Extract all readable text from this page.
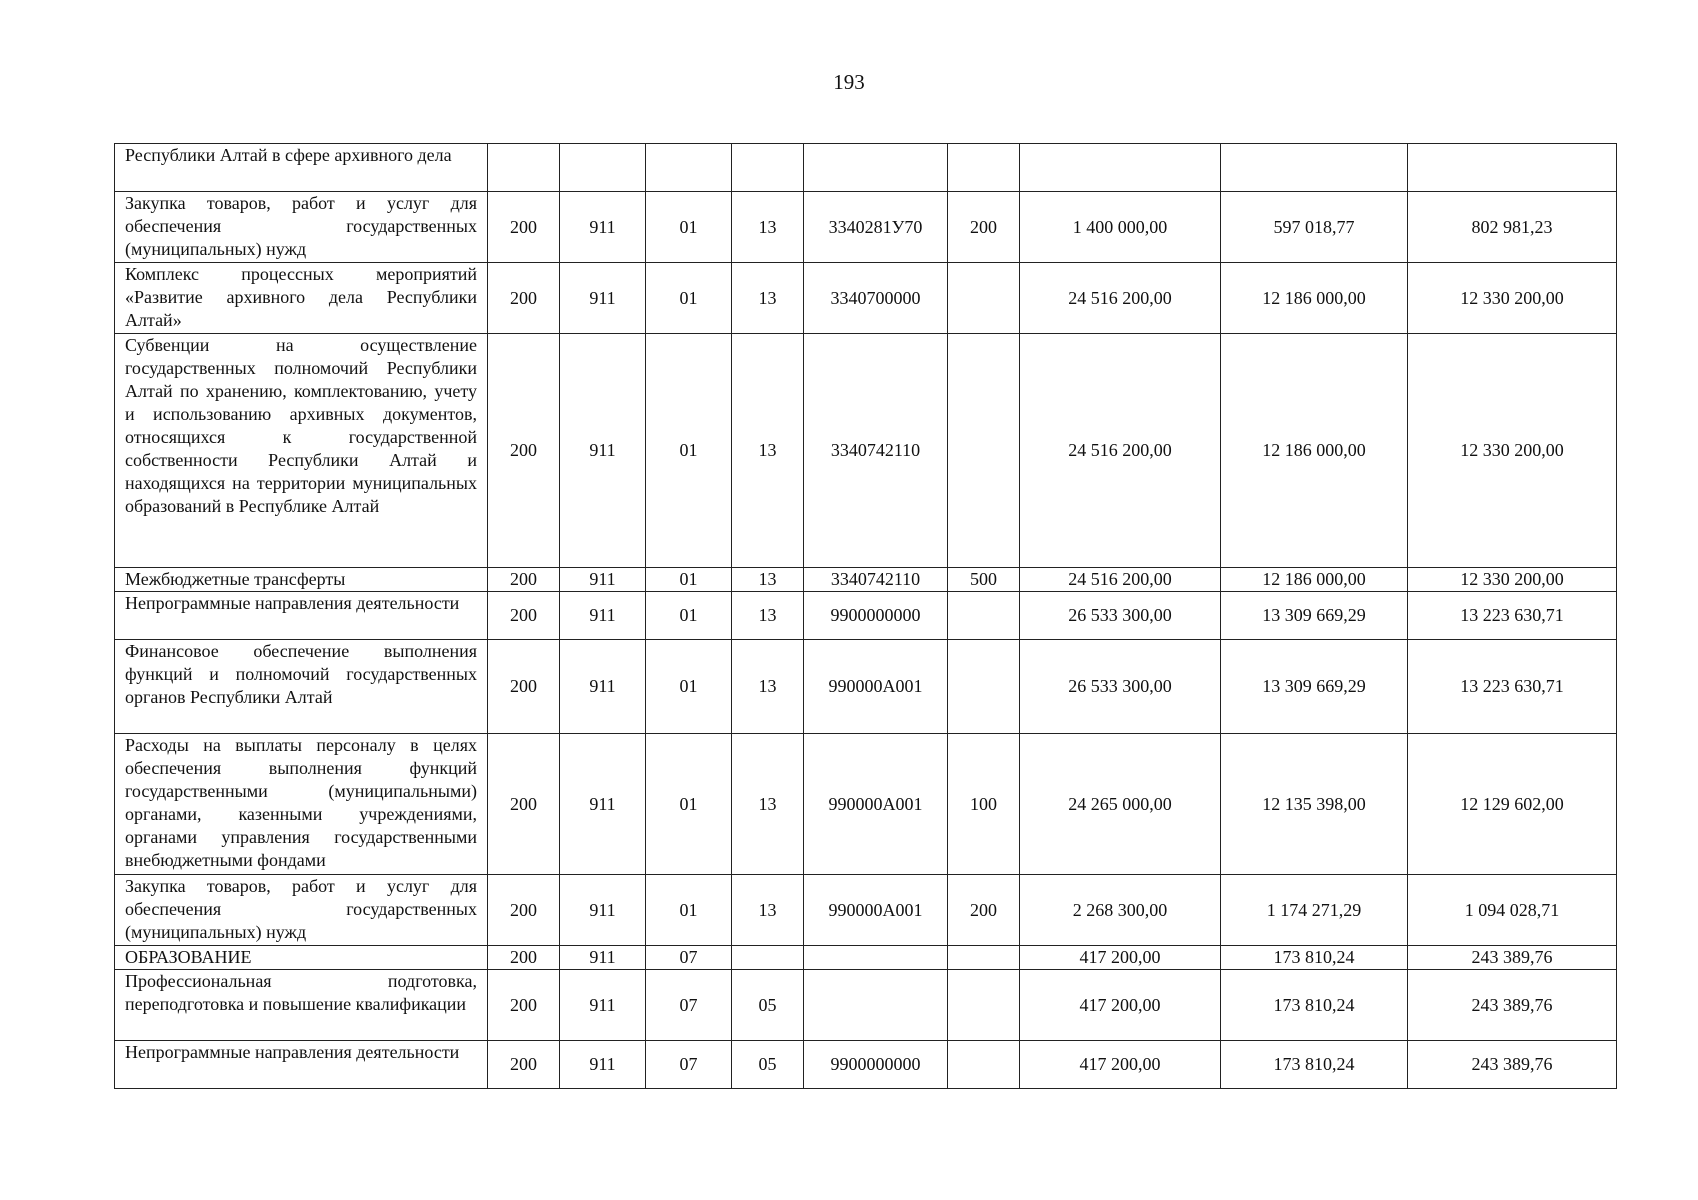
193
Республики Алтай в сфере архивного дела									
Закупка товаров, работ и услуг для обеспечения государственных (муниципальных) нужд	200	911	01	13	3340281У70	200	1 400 000,00	597 018,77	802 981,23
Комплекс процессных мероприятий «Развитие архивного дела Республики Алтай»	200	911	01	13	3340700000		24 516 200,00	12 186 000,00	12 330 200,00
Субвенции на осуществление государственных полномочий Республики Алтай по хранению, комплектованию, учету и использованию архивных документов, относящихся к государственной собственности Республики Алтай и находящихся на территории муниципальных образований в Республике Алтай	200	911	01	13	3340742110		24 516 200,00	12 186 000,00	12 330 200,00
Межбюджетные трансферты	200	911	01	13	3340742110	500	24 516 200,00	12 186 000,00	12 330 200,00
Непрограммные направления деятельности	200	911	01	13	9900000000		26 533 300,00	13 309 669,29	13 223 630,71
Финансовое обеспечение выполнения функций и полномочий государственных органов Республики Алтай	200	911	01	13	990000А001		26 533 300,00	13 309 669,29	13 223 630,71
Расходы на выплаты персоналу в целях обеспечения выполнения функций государственными (муниципальными) органами, казенными учреждениями, органами управления государственными внебюджетными фондами	200	911	01	13	990000А001	100	24 265 000,00	12 135 398,00	12 129 602,00
Закупка товаров, работ и услуг для обеспечения государственных (муниципальных) нужд	200	911	01	13	990000А001	200	2 268 300,00	1 174 271,29	1 094 028,71
ОБРАЗОВАНИЕ	200	911	07				417 200,00	173 810,24	243 389,76
Профессиональная подготовка, переподготовка и повышение квалификации	200	911	07	05			417 200,00	173 810,24	243 389,76
Непрограммные направления деятельности	200	911	07	05	9900000000		417 200,00	173 810,24	243 389,76
